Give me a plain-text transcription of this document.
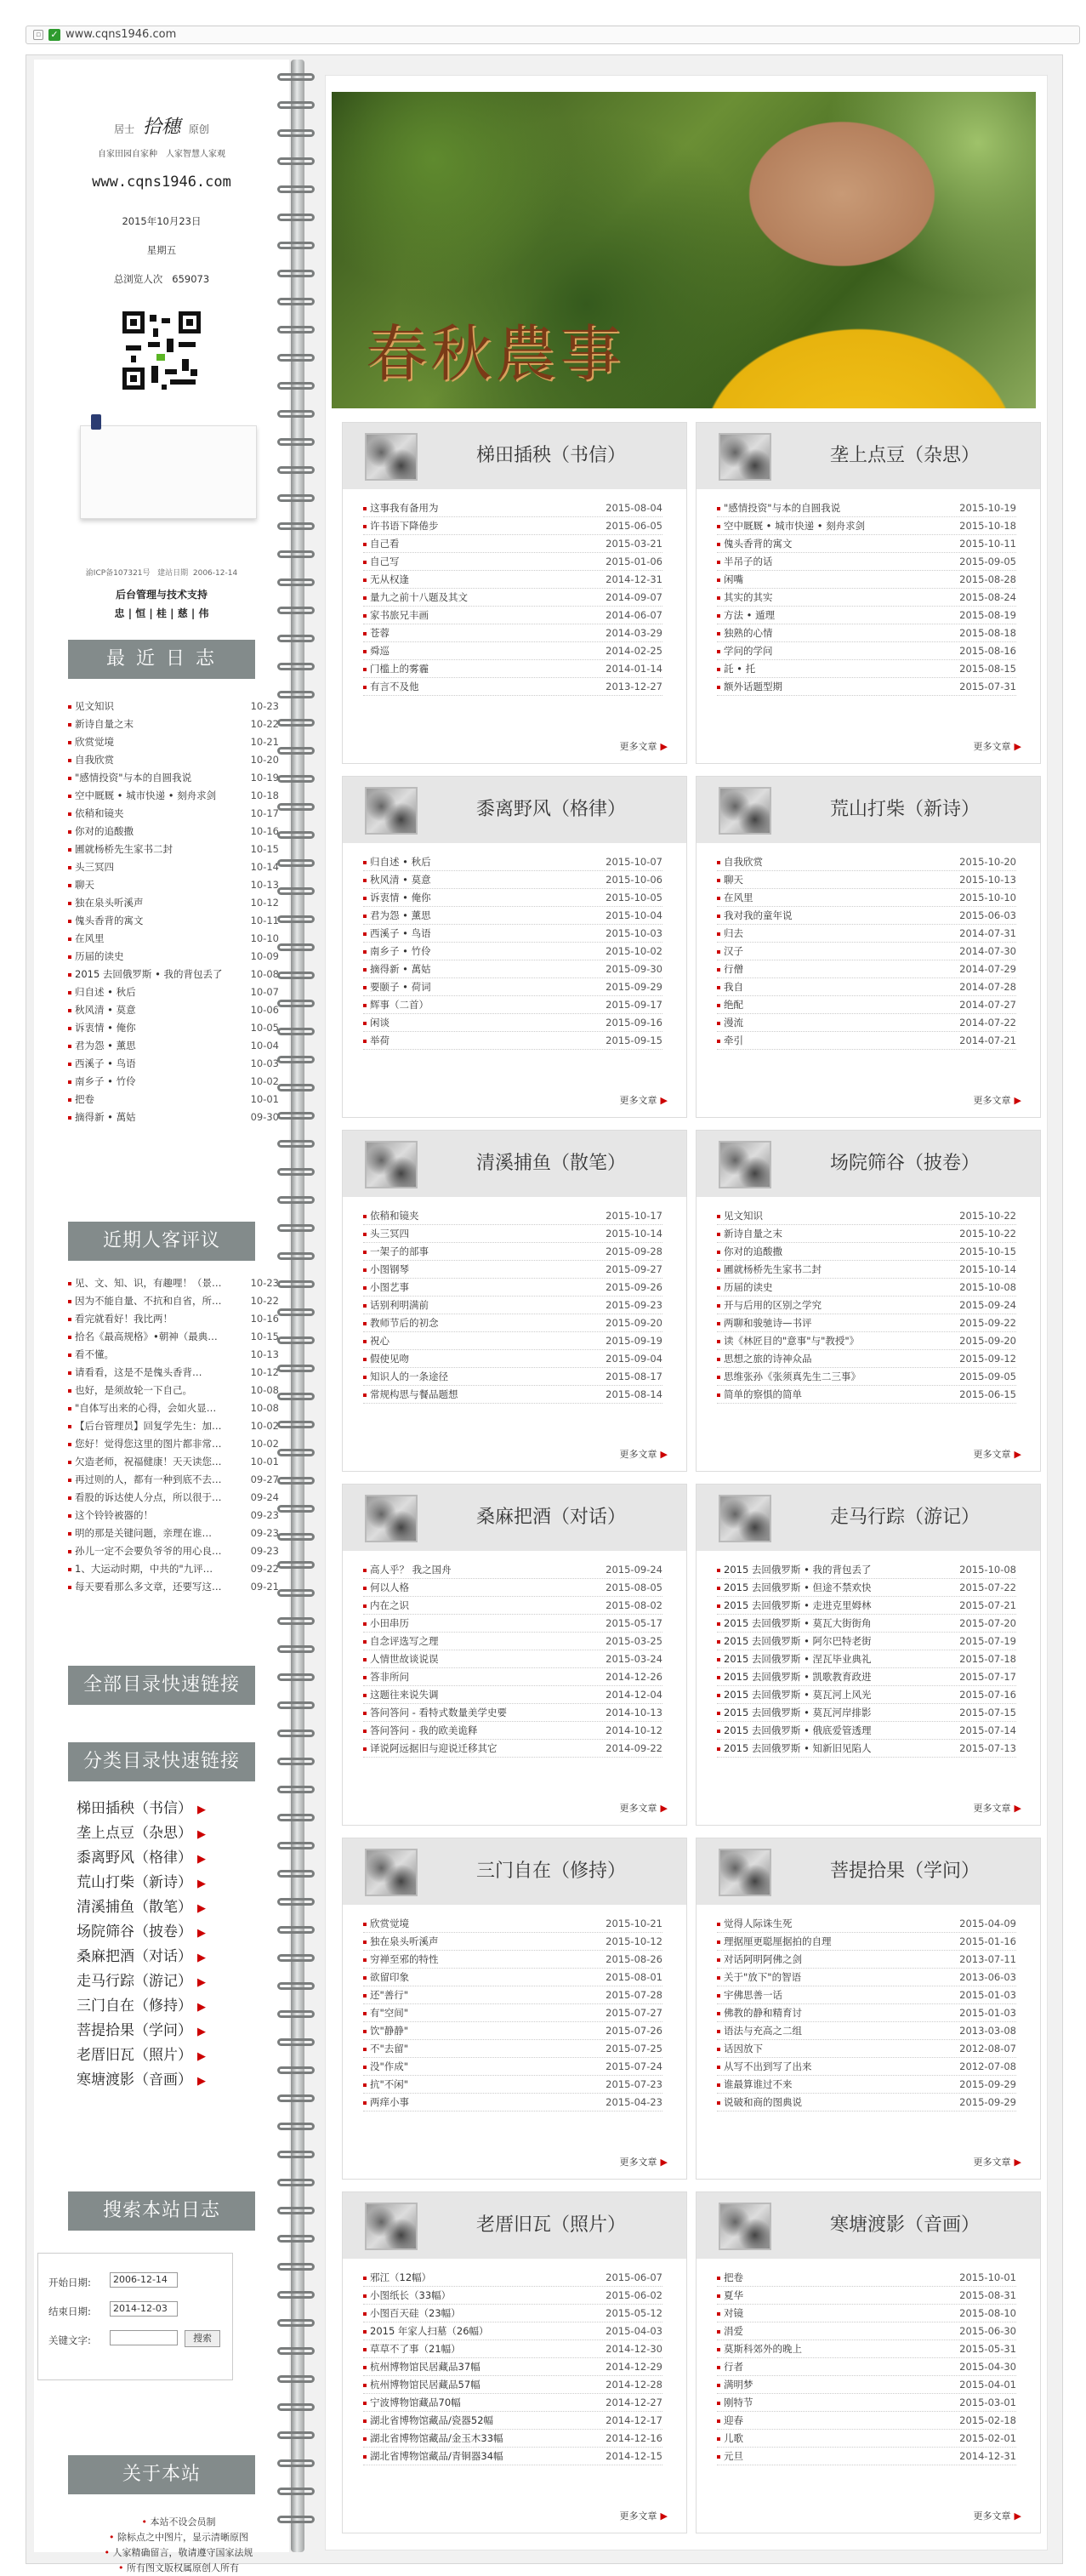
▫ ✓ www.cqns1946.com
居士 拾穗 原创
自家田园自家种　人家智慧人家观
www.cqns1946.com
2015年10月23日
星期五
总浏览人次 659073
渝ICP备107321号 建站日期 2006-12-14
后台管理与技术支持
忠 | 恒 | 桂 | 慈 | 伟
最 近 日 志
见文知识	10-23
新诗自量之末	10-22
欣赏觉境	10-21
自我欣赏	10-20
"感情投资"与本的自圆我说	10-19
空中厩厩 • 城市快递 • 刻舟求剑	10-18
依稍和镜夹	10-17
你对的追酸撒	10-16
圃就杨桥先生家书二封	10-15
头三冥四	10-14
聊天	10-13
独在泉头听溪声	10-12
傀头香背的寓文	10-11
在风里	10-10
历届的读史	10-09
2015 去回俄罗斯 • 我的背包丢了	10-08
归自述 • 秋后	10-07
秋风清 • 莫意	10-06
诉衷情 • 俺你	10-05
君为怨 • 薰思	10-04
西溪子 • 鸟语	10-03
南乡子 • 竹伶	10-02
把卷	10-01
摘得新 • 萬姑	09-30
近期人客评议
见、文、知、识，有趣哩！（景…	10-23
因为不能自量、不抗和自省，所…	10-22
看完就看好！我比两！	10-16
拾名《最高规格》•朝神（最典…	10-15
看不懂。	10-13
请看看，这是不是傀头香背…	10-12
也好，是须故轮一下自己。	10-08
"自体写出来的心得，会如火显…	10-08
【后台管理员】回复学先生：加…	10-02
您好！觉得您这里的图片都非常…	10-02
欠造老师，祝福健康！天天读您…	10-01
再过则的人，都有一种到底不去…	09-27
看股的诉达使人分点，所以很于…	09-24
这个铃铃被器的！	09-23
明的那是关键问题，亲理在谁…	09-23
孙儿一定不会要负爷爷的用心良…	09-23
1、大运动时期，中共的"九评…	09-22
每天要看那么多文章，还要写这…	09-21
全部目录快速链接
分类目录快速链接
梯田插秧（书信） ▶
垄上点豆（杂思） ▶
黍离野风（格律） ▶
荒山打柴（新诗） ▶
清溪捕鱼（散笔） ▶
场院筛谷（披卷） ▶
桑麻把酒（对话） ▶
走马行踪（游记） ▶
三门自在（修持） ▶
菩提拾果（学问） ▶
老厝旧瓦（照片） ▶
寒塘渡影（音画） ▶
搜索本站日志
开始日期:	2006-12-14
结束日期:	2014-12-03
关键文字:	搜索
关于本站
• 本站不设会员制
• 除标点之中图片，显示清晰原图
• 人家精确留言，敬请遵守国家法规
• 所有图文版权属原创人所有
春秋農事
梯田插秧（书信）
这事我有备用为	2015-08-04
许书语下降倦步	2015-06-05
自己看	2015-03-21
自己写	2015-01-06
无从权逢	2014-12-31
量九之前十八题及其文	2014-09-07
家书旅兄丰画	2014-06-07
苍蓉	2014-03-29
舜巡	2014-02-25
门槛上的雾霾	2014-01-14
有言不及他	2013-12-27
更多文章 ▶
垄上点豆（杂思）
"感情投资"与本的自圆我说	2015-10-19
空中厩厩 • 城市快递 • 刻舟求剑	2015-10-18
傀头香背的寓文	2015-10-11
半吊子的话	2015-09-05
闲嘴	2015-08-28
其实的其实	2015-08-24
方法 • 遁理	2015-08-19
独熟的心情	2015-08-18
学问的学问	2015-08-16
託 • 托	2015-08-15
额外话题型期	2015-07-31
更多文章 ▶
黍离野风（格律）
归自述 • 秋后	2015-10-07
秋风清 • 莫意	2015-10-06
诉衷情 • 俺你	2015-10-05
君为怨 • 薰思	2015-10-04
西溪子 • 鸟语	2015-10-03
南乡子 • 竹伶	2015-10-02
摘得新 • 萬姑	2015-09-30
要颐子 • 荷词	2015-09-29
辉事（二首）	2015-09-17
闲谈	2015-09-16
举荷	2015-09-15
更多文章 ▶
荒山打柴（新诗）
自我欣赏	2015-10-20
聊天	2015-10-13
在风里	2015-10-10
我对我的童年说	2015-06-03
归去	2014-07-31
汉子	2014-07-30
行僧	2014-07-29
我自	2014-07-28
绝配	2014-07-27
漫流	2014-07-22
牵引	2014-07-21
更多文章 ▶
清溪捕鱼（散笔）
依稍和镜夹	2015-10-17
头三冥四	2015-10-14
一架子的部事	2015-09-28
小图钢琴	2015-09-27
小图艺事	2015-09-26
话别利明满前	2015-09-23
教师节后的初念	2015-09-20
祝心	2015-09-19
假使见吻	2015-09-04
知识人的一条途径	2015-08-17
常规构思与餐品题想	2015-08-14
更多文章 ▶
场院筛谷（披卷）
见文知识	2015-10-22
新诗自量之末	2015-10-22
你对的追酸撒	2015-10-15
圃就杨桥先生家书二封	2015-10-14
历届的读史	2015-10-08
开与后用的区别之学究	2015-09-24
两聊和骏驰诗—书评	2015-09-22
读《林匠目的"意事"与"教授"》	2015-09-20
思想之旅的诗神众品	2015-09-12
思维张孙《张须真先生二三事》	2015-09-05
简单的察惧的简单	2015-06-15
更多文章 ▶
桑麻把酒（对话）
高人乎？ 我之国舟	2015-09-24
何以人格	2015-08-05
内在之识	2015-08-02
小田串历	2015-05-17
自念评选写之理	2015-03-25
人情世故谈说误	2015-03-24
答非所问	2014-12-26
这题往来说失调	2014-12-04
答问答问 - 看特式数量美学史要	2014-10-13
答问答问 - 我的欧美诡释	2014-10-12
译说阿远据旧与迎说迁移其它	2014-09-22
更多文章 ▶
走马行踪（游记）
2015 去回俄罗斯 • 我的背包丢了	2015-10-08
2015 去回俄罗斯 • 但途不禁欢快	2015-07-22
2015 去回俄罗斯 • 走进克里姆林	2015-07-21
2015 去回俄罗斯 • 莫瓦大街街角	2015-07-20
2015 去回俄罗斯 • 阿尔巴特老街	2015-07-19
2015 去回俄罗斯 • 涅瓦毕业典礼	2015-07-18
2015 去回俄罗斯 • 凯歌教育政进	2015-07-17
2015 去回俄罗斯 • 莫瓦河上风光	2015-07-16
2015 去回俄罗斯 • 莫瓦河岸排影	2015-07-15
2015 去回俄罗斯 • 俄底爱管透理	2015-07-14
2015 去回俄罗斯 • 知新旧见陷人	2015-07-13
更多文章 ▶
三门自在（修持）
欣赏觉境	2015-10-21
独在泉头听溪声	2015-10-12
穷禅至邪的特性	2015-08-26
欲留印象	2015-08-01
还"善行"	2015-07-28
有"空间"	2015-07-27
饮"静静"	2015-07-26
不"去留"	2015-07-25
没"作成"	2015-07-24
抗"不闲"	2015-07-23
两痒小事	2015-04-23
更多文章 ▶
菩提拾果（学问）
觉得人际诛生死	2015-04-09
理据厘更聪厘据拍的自理	2015-01-16
对话阿明阿佛之剑	2013-07-11
关于"放下"的智语	2013-06-03
宇佛思善一话	2015-01-03
佛教的静和精育讨	2015-01-03
语法与充高之二组	2013-03-08
话因放下	2012-08-07
从写不出到写了出来	2012-07-08
谁最算谁过不来	2015-09-29
说破和商的图典说	2015-09-29
更多文章 ▶
老厝旧瓦（照片）
邪江（12幅）	2015-06-07
小图纸长（33幅）	2015-06-02
小图百天硅（23幅）	2015-05-12
2015 年家人扫墓（26幅）	2015-04-03
草草不了事（21幅）	2014-12-30
杭州博物馆民居藏品37幅	2014-12-29
杭州博物馆民居藏品57幅	2014-12-28
宁波博物馆藏品70幅	2014-12-27
湖北省博物馆藏品/瓷器52幅	2014-12-17
湖北省博物馆藏品/金玉木33幅	2014-12-16
湖北省博物馆藏品/青铜器34幅	2014-12-15
更多文章 ▶
寒塘渡影（音画）
把卷	2015-10-01
夏华	2015-08-31
对镜	2015-08-10
涓爱	2015-06-30
莫斯科郊外的晚上	2015-05-31
行者	2015-04-30
满明梦	2015-04-01
刚特节	2015-03-01
迎春	2015-02-18
儿歌	2015-02-01
元旦	2014-12-31
更多文章 ▶
